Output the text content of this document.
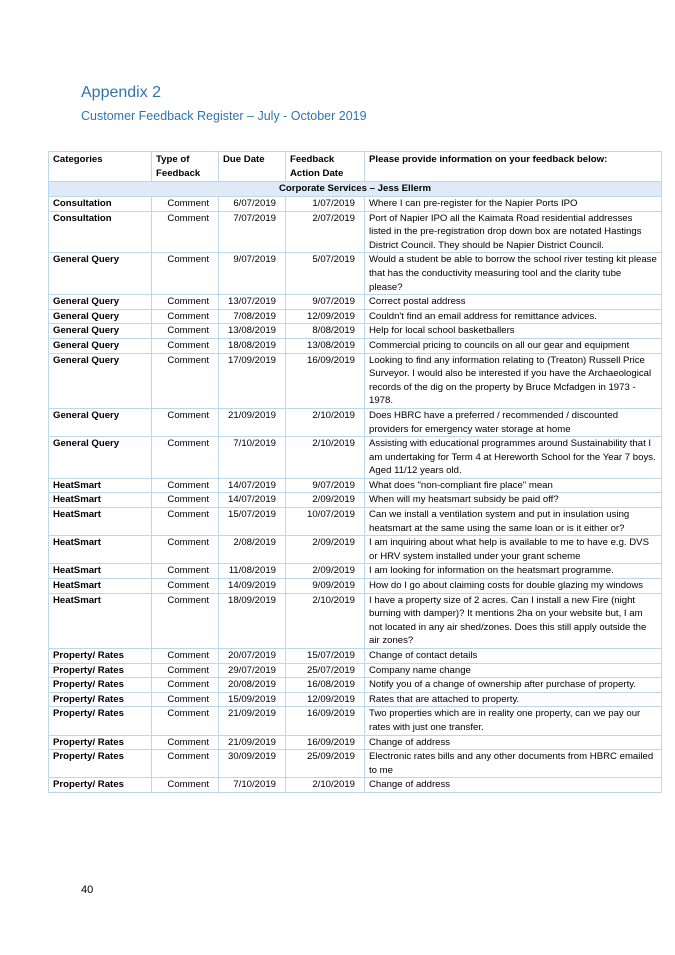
Appendix 2
Customer Feedback Register – July - October 2019
Categories	Type of Feedback	Due Date	Feedback Action Date	Please provide information on your feedback below:
Corporate Services – Jess Ellerm				
Consultation	Comment	6/07/2019	1/07/2019	Where I can pre-register for the Napier Ports IPO
Consultation	Comment	7/07/2019	2/07/2019	Port of Napier IPO all the Kaimata Road residential addresses listed in the pre-registration drop down box are notated Hastings District Council. They should be Napier District Council.
General Query	Comment	9/07/2019	5/07/2019	Would a student be able to borrow the school river testing kit please that has the conductivity measuring tool and the clarity tube please?
General Query	Comment	13/07/2019	9/07/2019	Correct postal address
General Query	Comment	7/08/2019	12/09/2019	Couldn't find an email address for remittance advices.
General Query	Comment	13/08/2019	8/08/2019	Help for local school basketballers
General Query	Comment	18/08/2019	13/08/2019	Commercial pricing to councils on all our gear and equipment
General Query	Comment	17/09/2019	16/09/2019	Looking to find any information relating to (Treaton) Russell Price Surveyor. I would also be interested if you have the Archaeological records of the dig on the property by Bruce Mcfadgen in 1973 - 1978.
General Query	Comment	21/09/2019	2/10/2019	Does HBRC have a preferred / recommended / discounted providers for emergency water storage at home
General Query	Comment	7/10/2019	2/10/2019	Assisting with educational programmes around Sustainability that I am undertaking for Term 4 at Hereworth School for the Year 7 boys. Aged 11/12 years old.
HeatSmart	Comment	14/07/2019	9/07/2019	What does "non-compliant fire place" mean
HeatSmart	Comment	14/07/2019	2/09/2019	When will my heatsmart subsidy be paid off?
HeatSmart	Comment	15/07/2019	10/07/2019	Can we install a ventilation system and put in insulation using heatsmart at the same using the same loan or is it either or?
HeatSmart	Comment	2/08/2019	2/09/2019	I am inquiring about what help is available to me to have e.g. DVS or HRV system installed under your grant scheme
HeatSmart	Comment	11/08/2019	2/09/2019	I am looking for information on the heatsmart programme.
HeatSmart	Comment	14/09/2019	9/09/2019	How do I go about claiming costs for double glazing my windows
HeatSmart	Comment	18/09/2019	2/10/2019	I have a property size of 2 acres. Can I install a new Fire (night burning with damper)? It mentions 2ha on your website but, I am not located in any air shed/zones. Does this still apply outside the air zones?
Property/ Rates	Comment	20/07/2019	15/07/2019	Change of contact details
Property/ Rates	Comment	29/07/2019	25/07/2019	Company name change
Property/ Rates	Comment	20/08/2019	16/08/2019	Notify you of a change of ownership after purchase of property.
Property/ Rates	Comment	15/09/2019	12/09/2019	Rates that are attached to property.
Property/ Rates	Comment	21/09/2019	16/09/2019	Two properties which are in reality one property, can we pay our rates with just one transfer.
Property/ Rates	Comment	21/09/2019	16/09/2019	Change of address
Property/ Rates	Comment	30/09/2019	25/09/2019	Electronic rates bills and any other documents from HBRC emailed to me
Property/ Rates	Comment	7/10/2019	2/10/2019	Change of address
40
